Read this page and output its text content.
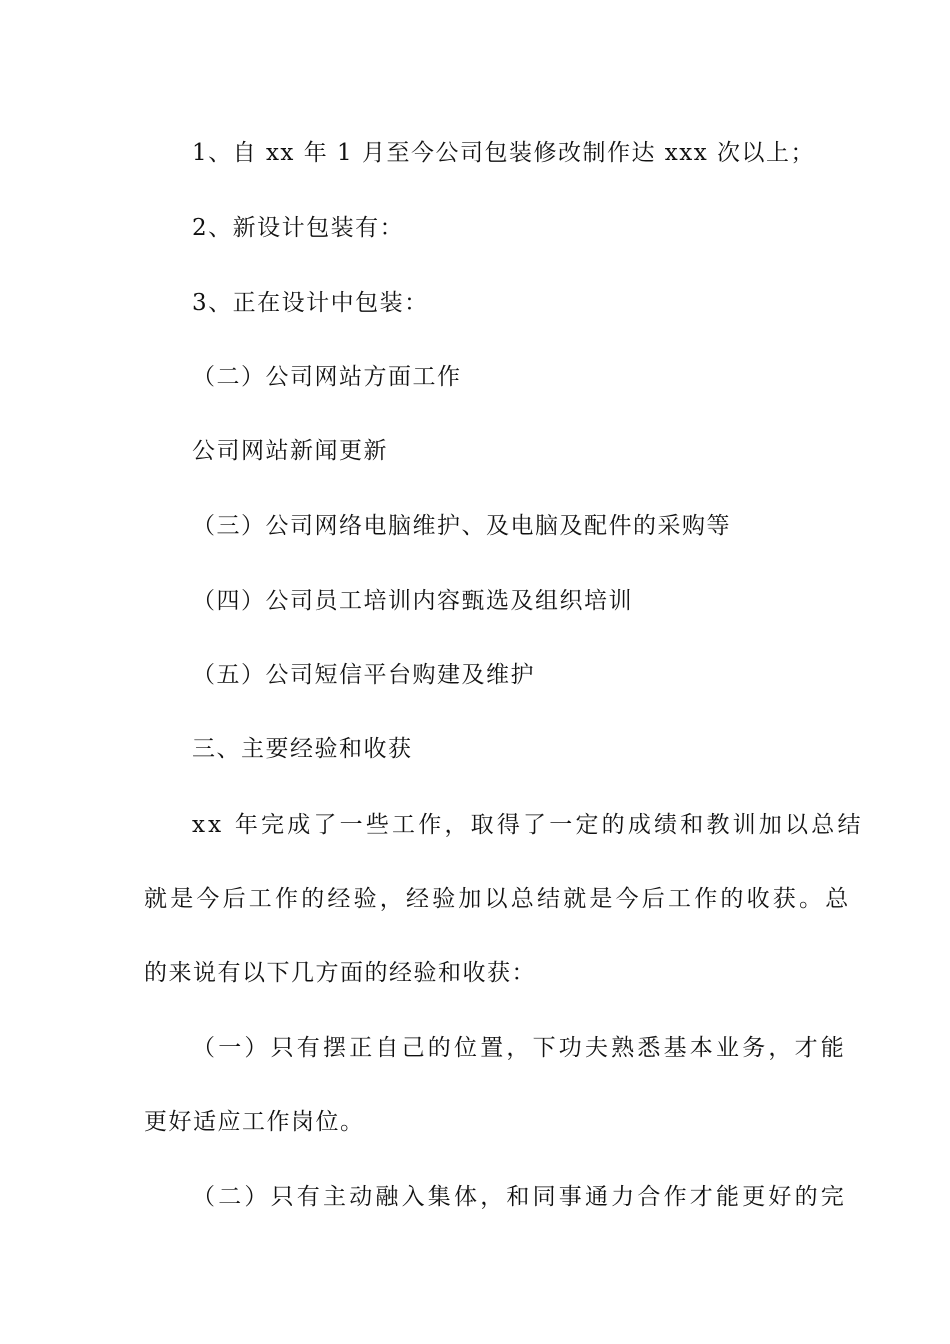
1、自 xx 年 1 月至今公司包装修改制作达 xxx 次以上；
2、新设计包装有：
3、正在设计中包装：
（二）公司网站方面工作
公司网站新闻更新
（三）公司网络电脑维护、及电脑及配件的采购等
（四）公司员工培训内容甄选及组织培训
（五）公司短信平台购建及维护
三、主要经验和收获
xx 年完成了一些工作，取得了一定的成绩和教训加以总结
就是今后工作的经验，经验加以总结就是今后工作的收获。总
的来说有以下几方面的经验和收获：
（一）只有摆正自己的位置，下功夫熟悉基本业务，才能
更好适应工作岗位。
（二）只有主动融入集体，和同事通力合作才能更好的完
